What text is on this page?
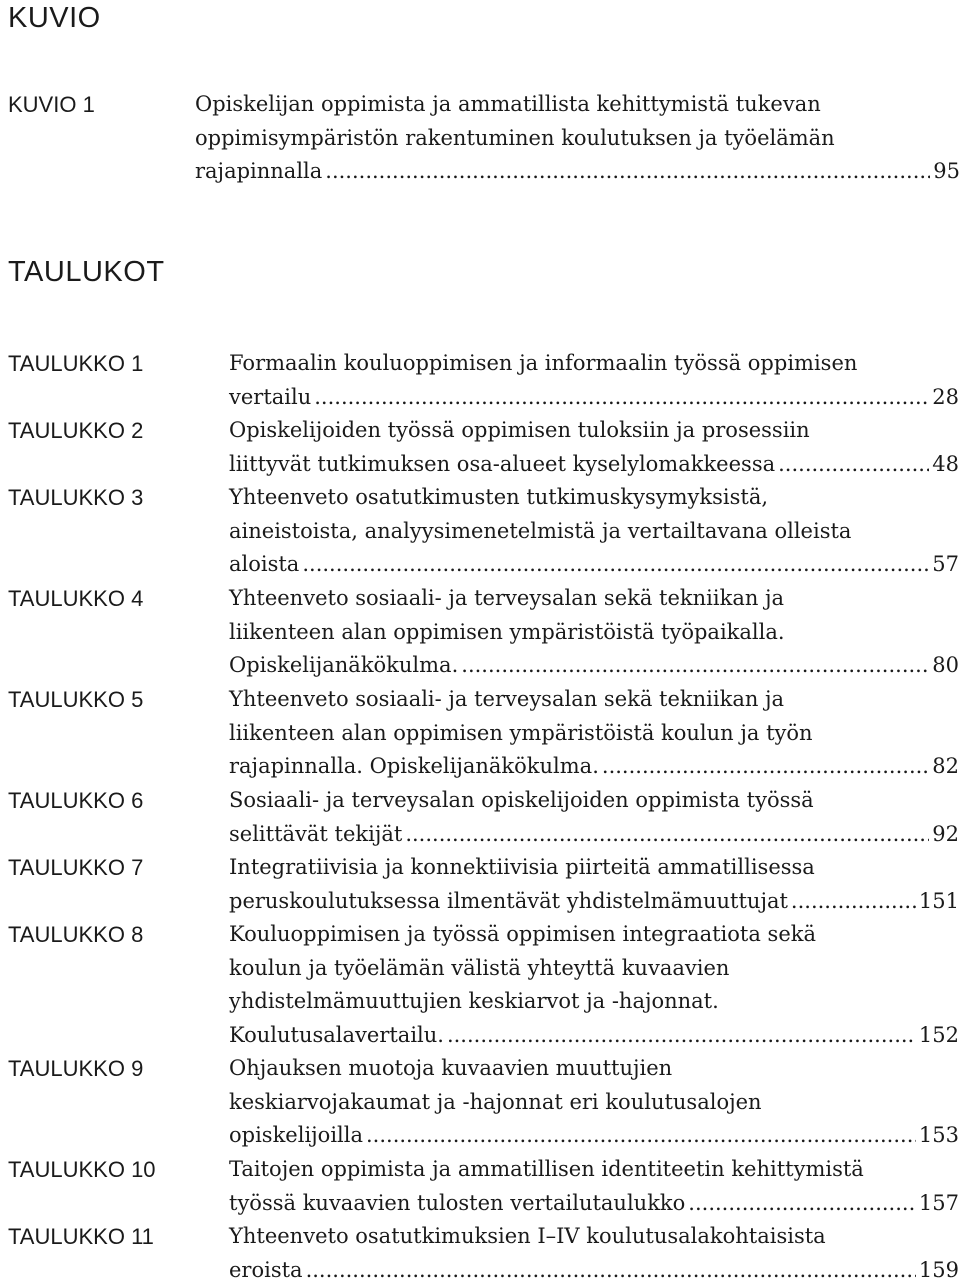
KUVIO
KUVIO 1	Opiskelijan oppimista ja ammatillista kehittymistä tukevan
oppimisympäristön rakentuminen koulutuksen ja työelämän
rajapinnalla .....	95
TAULUKOT
TAULUKKO 1	Formaalin kouluoppimisen ja informaalin työssä oppimisen
vertailu .....	28
TAULUKKO 2	Opiskelijoiden työssä oppimisen tuloksiin ja prosessiin
liittyvät tutkimuksen osa-alueet kyselylomakkeessa .....	48
TAULUKKO 3	Yhteenveto osatutkimusten tutkimuskysymyksistä,
aineistoista, analyysimenetelmistä ja vertailtavana olleista
aloista .....	57
TAULUKKO 4	Yhteenveto sosiaali- ja terveysalan sekä tekniikan ja
liikenteen alan oppimisen ympäristöistä työpaikalla.
Opiskelijanäkökulma. .....	80
TAULUKKO 5	Yhteenveto sosiaali- ja terveysalan sekä tekniikan ja
liikenteen alan oppimisen ympäristöistä koulun ja työn
rajapinnalla. Opiskelijanäkökulma. .....	82
TAULUKKO 6	Sosiaali- ja terveysalan opiskelijoiden oppimista työssä
selittävät tekijät .....	92
TAULUKKO 7	Integratiivisia ja konnektiivisia piirteitä ammatillisessa
peruskoulutuksessa ilmentävät yhdistelmämuuttujat .....	151
TAULUKKO 8	Kouluoppimisen ja työssä oppimisen integraatiota sekä
koulun ja työelämän välistä yhteyttä kuvaavien
yhdistelmämuuttujien keskiarvot ja -hajonnat.
Koulutusalavertailu. .....	152
TAULUKKO 9	Ohjauksen muotoja kuvaavien muuttujien
keskiarvojakaumat ja -hajonnat eri koulutusalojen
opiskelijoilla .....	153
TAULUKKO 10	Taitojen oppimista ja ammatillisen identiteetin kehittymistä
työssä kuvaavien tulosten vertailutaulukko .....	157
TAULUKKO 11	Yhteenveto osatutkimuksien I–IV koulutusalakohtaisista
eroista .....	159
